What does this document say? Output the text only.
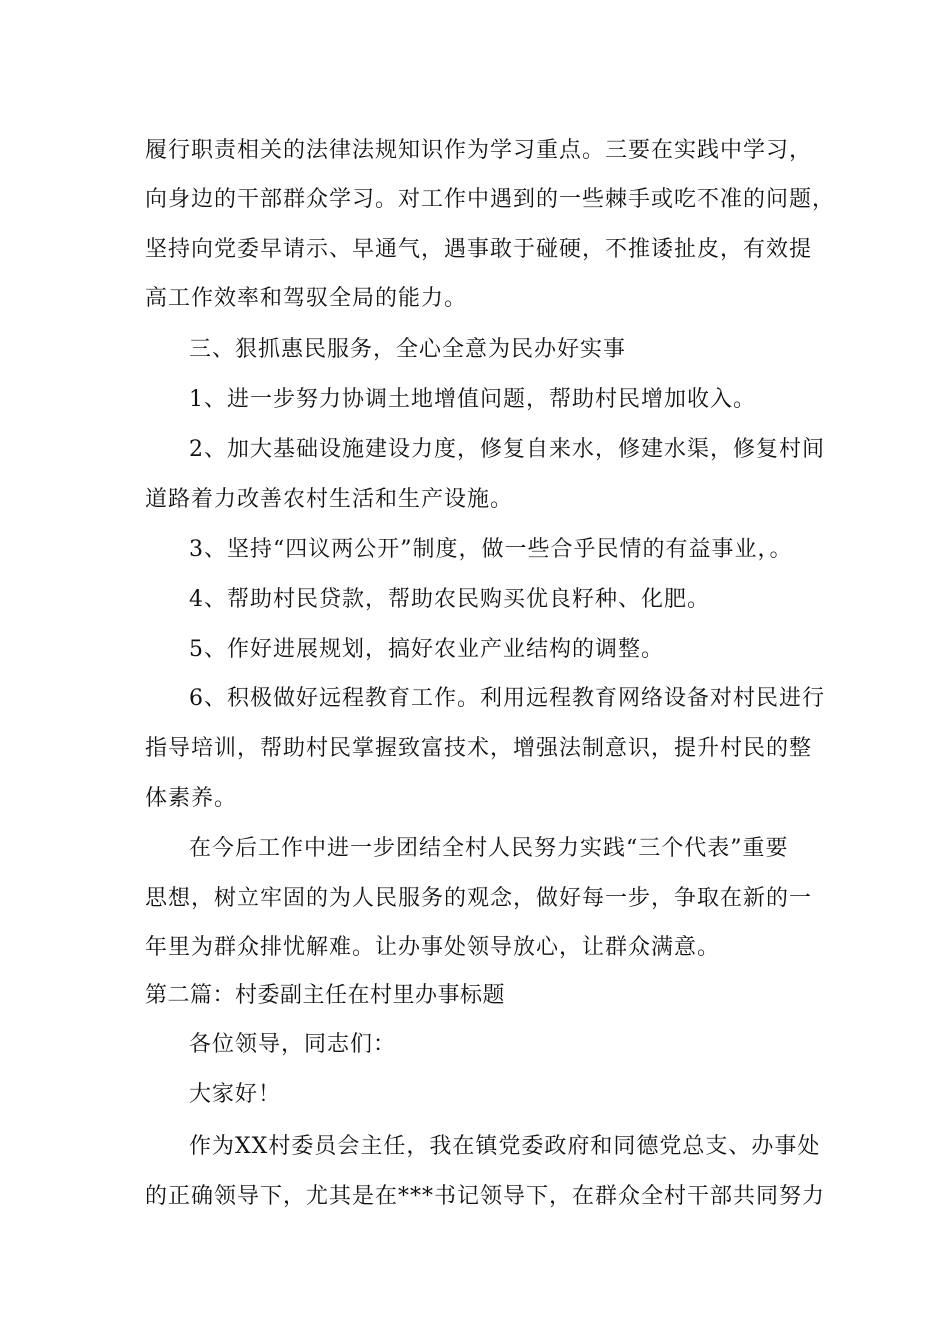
履行职责相关的法律法规知识作为学习重点。三要在实践中学习，
向身边的干部群众学习。对工作中遇到的一些棘手或吃不准的问题，
坚持向党委早请示、早通气，遇事敢于碰硬，不推诿扯皮，有效提
高工作效率和驾驭全局的能力。
三、狠抓惠民服务，全心全意为民办好实事
1、进一步努力协调土地增值问题，帮助村民增加收入。
2、加大基础设施建设力度，修复自来水，修建水渠，修复村间
道路着力改善农村生活和生产设施。
3、坚持“四议两公开”制度，做一些合乎民情的有益事业，。
4、帮助村民贷款，帮助农民购买优良籽种、化肥。
5、作好进展规划，搞好农业产业结构的调整。
6、积极做好远程教育工作。利用远程教育网络设备对村民进行
指导培训，帮助村民掌握致富技术，增强法制意识，提升村民的整
体素养。
在今后工作中进一步团结全村人民努力实践“三个代表”重要
思想，树立牢固的为人民服务的观念，做好每一步，争取在新的一
年里为群众排忧解难。让办事处领导放心，让群众满意。
第二篇：村委副主任在村里办事标题
各位领导，同志们：
大家好！
作为XX村委员会主任，我在镇党委政府和同德党总支、办事处
的正确领导下，尤其是在***书记领导下，在群众全村干部共同努力
